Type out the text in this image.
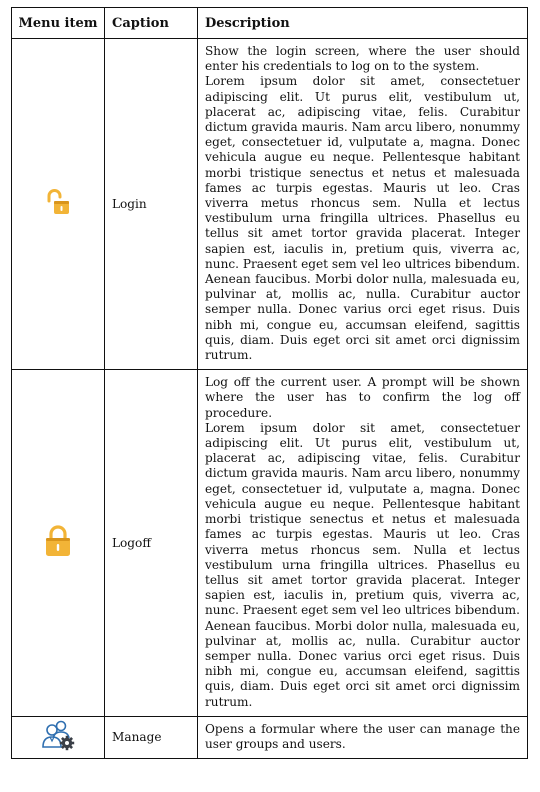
Menu item	Caption	Description
	Login	Show the login screen, where the user should enter his credentials to log on to the system.

Lorem ipsum dolor sit amet, consectetuer adipiscing elit. Ut purus elit, vestibulum ut, placerat ac, adipiscing vitae, felis. Curabitur dictum gravida mauris. Nam arcu libero, nonummy eget, consectetuer id, vulputate a, magna. Donec vehicula augue eu neque. Pellentesque habitant morbi tristique senectus et netus et malesuada fames ac turpis egestas. Mauris ut leo. Cras viverra metus rhoncus sem. Nulla et lectus vestibulum urna fringilla ultrices. Phasellus eu tellus sit amet tortor gravida placerat. Integer sapien est, iaculis in, pretium quis, viverra ac, nunc. Praesent eget sem vel leo ultrices bibendum. Aenean faucibus. Morbi dolor nulla, malesuada eu, pulvinar at, mollis ac, nulla. Curabitur auctor semper nulla. Donec varius orci eget risus. Duis nibh mi, congue eu, accumsan eleifend, sagittis quis, diam. Duis eget orci sit amet orci dignissim rutrum.

	Logoff	Log off the current user. A prompt will be shown where the user has to confirm the log off procedure.

Lorem ipsum dolor sit amet, consectetuer adipiscing elit. Ut purus elit, vestibulum ut, placerat ac, adipiscing vitae, felis. Curabitur dictum gravida mauris. Nam arcu libero, nonummy eget, consectetuer id, vulputate a, magna. Donec vehicula augue eu neque. Pellentesque habitant morbi tristique senectus et netus et malesuada fames ac turpis egestas. Mauris ut leo. Cras viverra metus rhoncus sem. Nulla et lectus vestibulum urna fringilla ultrices. Phasellus eu tellus sit amet tortor gravida placerat. Integer sapien est, iaculis in, pretium quis, viverra ac, nunc. Praesent eget sem vel leo ultrices bibendum. Aenean faucibus. Morbi dolor nulla, malesuada eu, pulvinar at, mollis ac, nulla. Curabitur auctor semper nulla. Donec varius orci eget risus. Duis nibh mi, congue eu, accumsan eleifend, sagittis quis, diam. Duis eget orci sit amet orci dignissim rutrum.

	Manage	Opens a formular where the user can manage the user groups and users.
